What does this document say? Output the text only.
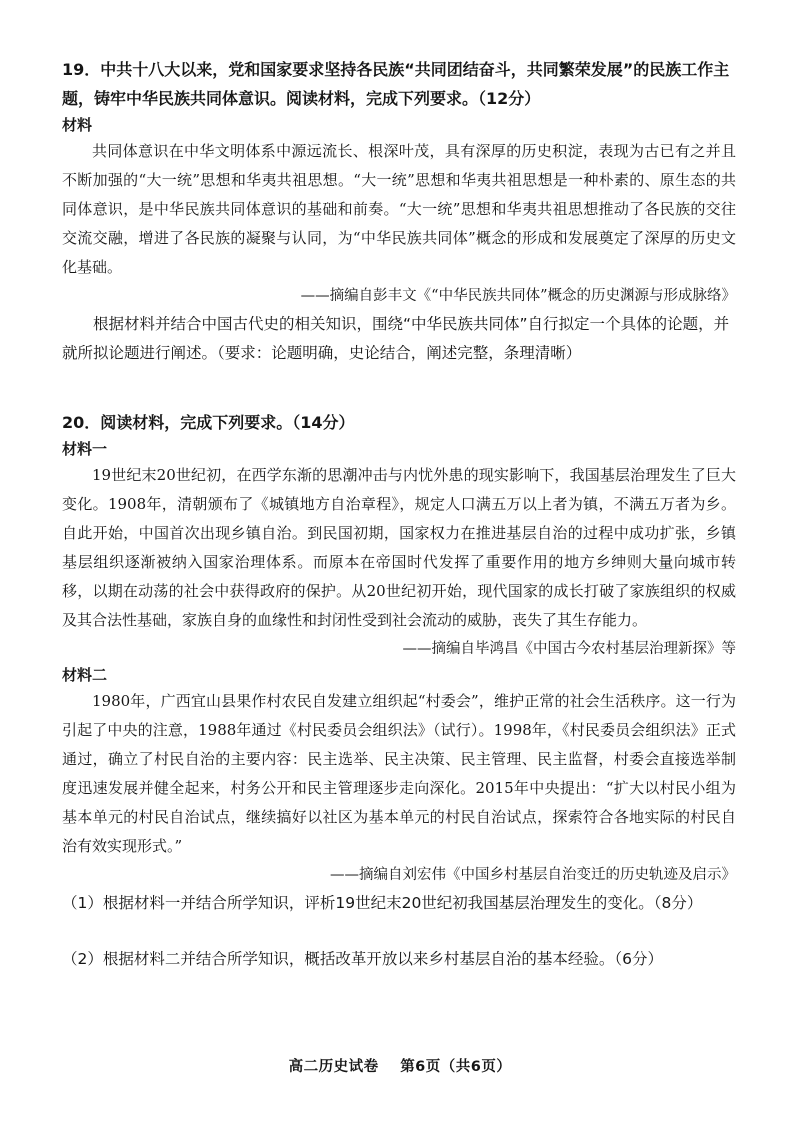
19．中共十八大以来，党和国家要求坚持各民族“共同团结奋斗，共同繁荣发展”的民族工作主题，铸牢中华民族共同体意识。阅读材料，完成下列要求。（12分）

材料

共同体意识在中华文明体系中源远流长、根深叶茂，具有深厚的历史积淀，表现为古已有之并且不断加强的“大一统”思想和华夷共祖思想。“大一统”思想和华夷共祖思想是一种朴素的、原生态的共同体意识，是中华民族共同体意识的基础和前奏。“大一统”思想和华夷共祖思想推动了各民族的交往交流交融，增进了各民族的凝聚与认同，为“中华民族共同体”概念的形成和发展奠定了深厚的历史文化基础。

——摘编自彭丰文《“中华民族共同体”概念的历史渊源与形成脉络》

根据材料并结合中国古代史的相关知识，围绕“中华民族共同体”自行拟定一个具体的论题，并就所拟论题进行阐述。（要求：论题明确，史论结合，阐述完整，条理清晰）

20．阅读材料，完成下列要求。（14分）

材料一

19世纪末20世纪初，在西学东渐的思潮冲击与内忧外患的现实影响下，我国基层治理发生了巨大变化。1908年，清朝颁布了《城镇地方自治章程》，规定人口满五万以上者为镇，不满五万者为乡。自此开始，中国首次出现乡镇自治。到民国初期，国家权力在推进基层自治的过程中成功扩张，乡镇基层组织逐渐被纳入国家治理体系。而原本在帝国时代发挥了重要作用的地方乡绅则大量向城市转移，以期在动荡的社会中获得政府的保护。从20世纪初开始，现代国家的成长打破了家族组织的权威及其合法性基础，家族自身的血缘性和封闭性受到社会流动的威胁，丧失了其生存能力。

——摘编自毕鸿昌《中国古今农村基层治理新探》等

材料二

1980年，广西宜山县果作村农民自发建立组织起“村委会”，维护正常的社会生活秩序。这一行为引起了中央的注意，1988年通过《村民委员会组织法》（试行）。1998年，《村民委员会组织法》正式通过，确立了村民自治的主要内容：民主选举、民主决策、民主管理、民主监督，村委会直接选举制度迅速发展并健全起来，村务公开和民主管理逐步走向深化。2015年中央提出：“扩大以村民小组为基本单元的村民自治试点，继续搞好以社区为基本单元的村民自治试点，探索符合各地实际的村民自治有效实现形式。”

——摘编自刘宏伟《中国乡村基层自治变迁的历史轨迹及启示》

（1）根据材料一并结合所学知识，评析19世纪末20世纪初我国基层治理发生的变化。（8分）

（2）根据材料二并结合所学知识，概括改革开放以来乡村基层自治的基本经验。（6分）

高二历史试卷 第6页（共6页）
